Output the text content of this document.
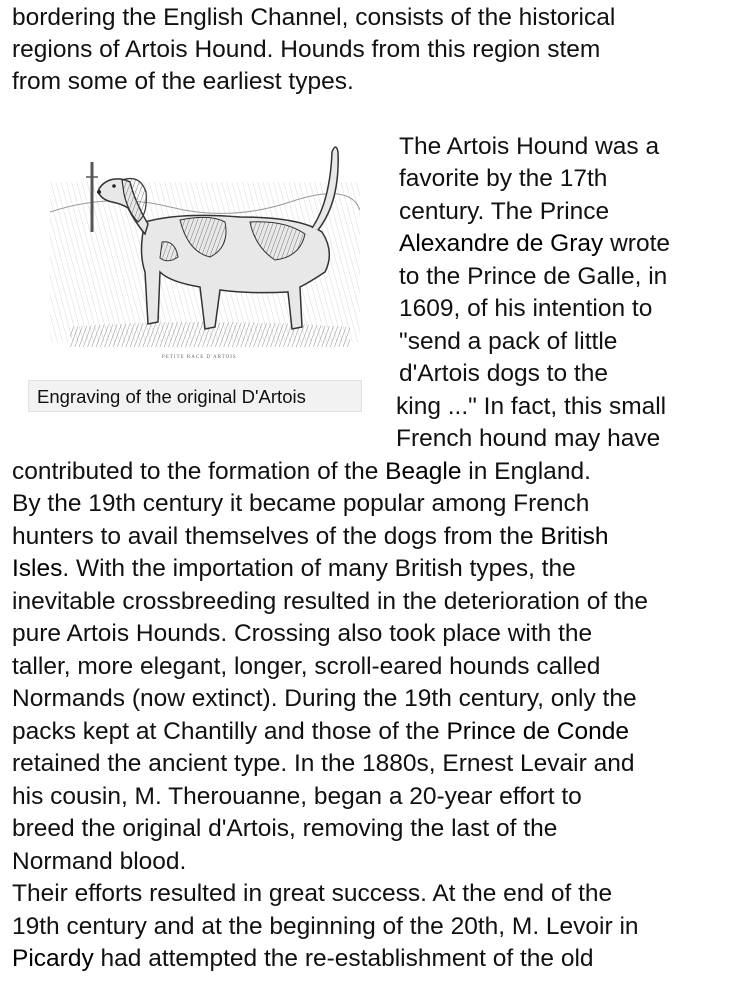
bordering the English Channel, consists of the historical
regions of Artois Hound. Hounds from this region stem
from some of the earliest types.
PETITE RACE D'ARTOIS
Engraving of the original D'Artois
The Artois Hound was a
favorite by the 17th
century. The Prince
Alexandre de Gray wrote
to the Prince de Galle, in
1609, of his intention to
"send a pack of little
d'Artois dogs to the
king ..." In fact, this small
French hound may have
contributed to the formation of the Beagle in England.
By the 19th century it became popular among French
hunters to avail themselves of the dogs from the British
Isles. With the importation of many British types, the
inevitable crossbreeding resulted in the deterioration of the
pure Artois Hounds. Crossing also took place with the
taller, more elegant, longer, scroll-eared hounds called
Normands (now extinct). During the 19th century, only the
packs kept at Chantilly and those of the Prince de Conde
retained the ancient type. In the 1880s, Ernest Levair and
his cousin, M. Therouanne, began a 20-year effort to
breed the original d'Artois, removing the last of the
Normand blood.
Their efforts resulted in great success. At the end of the
19th century and at the beginning of the 20th, M. Levoir in
Picardy had attempted the re-establishment of the old
